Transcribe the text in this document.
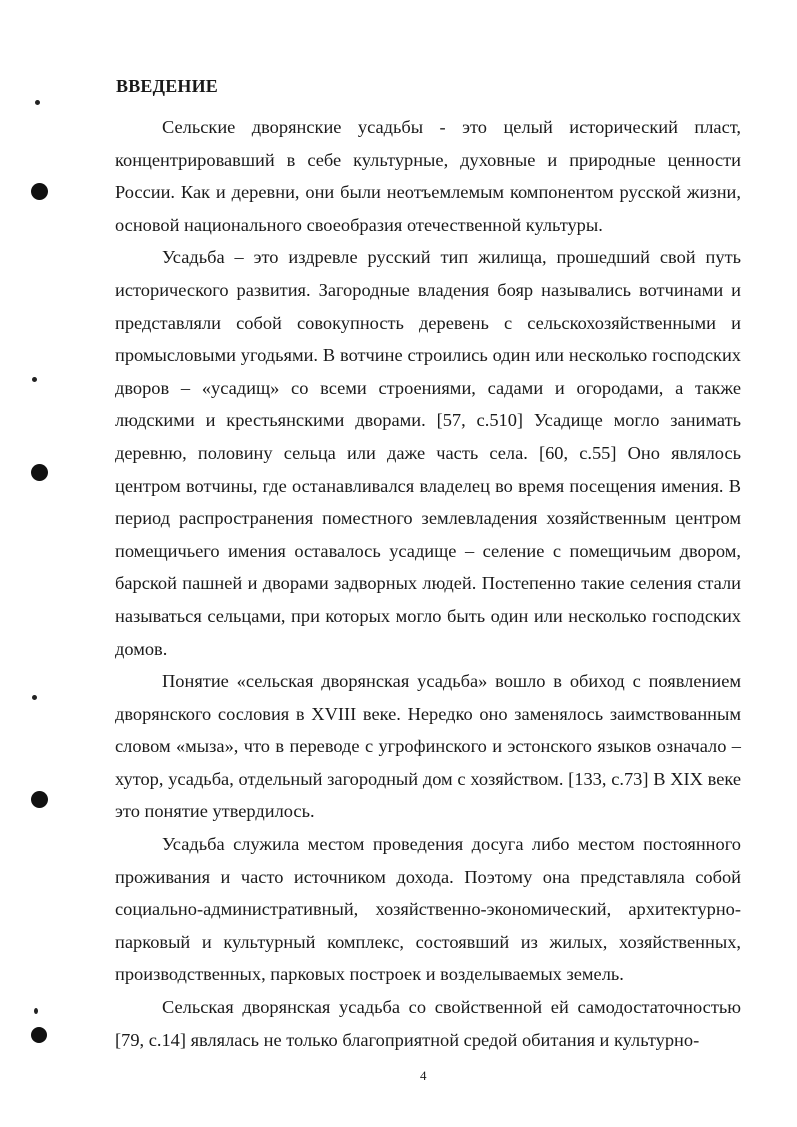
ВВЕДЕНИЕ

Сельские дворянские усадьбы - это целый исторический пласт, концентрировавший в себе культурные, духовные и природные ценности России. Как и деревни, они были неотъемлемым компонентом русской жизни, основой национального своеобразия отечественной культуры.

Усадьба – это издревле русский тип жилища, прошедший свой путь исторического развития. Загородные владения бояр назывались вотчинами и представляли собой совокупность деревень с сельскохозяйственными и промысловыми угодьями. В вотчине строились один или несколько господских дворов – «усадищ» со всеми строениями, садами и огородами, а также людскими и крестьянскими дворами. [57, с.510] Усадище могло занимать деревню, половину сельца или даже часть села. [60, с.55] Оно являлось центром вотчины, где останавливался владелец во время посещения имения. В период распространения поместного землевладения хозяйственным центром помещичьего имения оставалось усадище – селение с помещичьим двором, барской пашней и дворами задворных людей. Постепенно такие селения стали называться сельцами, при которых могло быть один или несколько господских домов.

Понятие «сельская дворянская усадьба» вошло в обиход с появлением дворянского сословия в XVIII веке. Нередко оно заменялось заимствованным словом «мыза», что в переводе с угрофинского и эстонского языков означало – хутор, усадьба, отдельный загородный дом с хозяйством. [133, с.73] В XIX веке это понятие утвердилось.

Усадьба служила местом проведения досуга либо местом постоянного проживания и часто источником дохода. Поэтому она представляла собой социально-административный, хозяйственно-экономический, архитектурно-парковый и культурный комплекс, состоявший из жилых, хозяйственных, производственных, парковых построек и возделываемых земель.

Сельская дворянская усадьба со свойственной ей самодостаточностью [79, с.14] являлась не только благоприятной средой обитания и культурно-

4
